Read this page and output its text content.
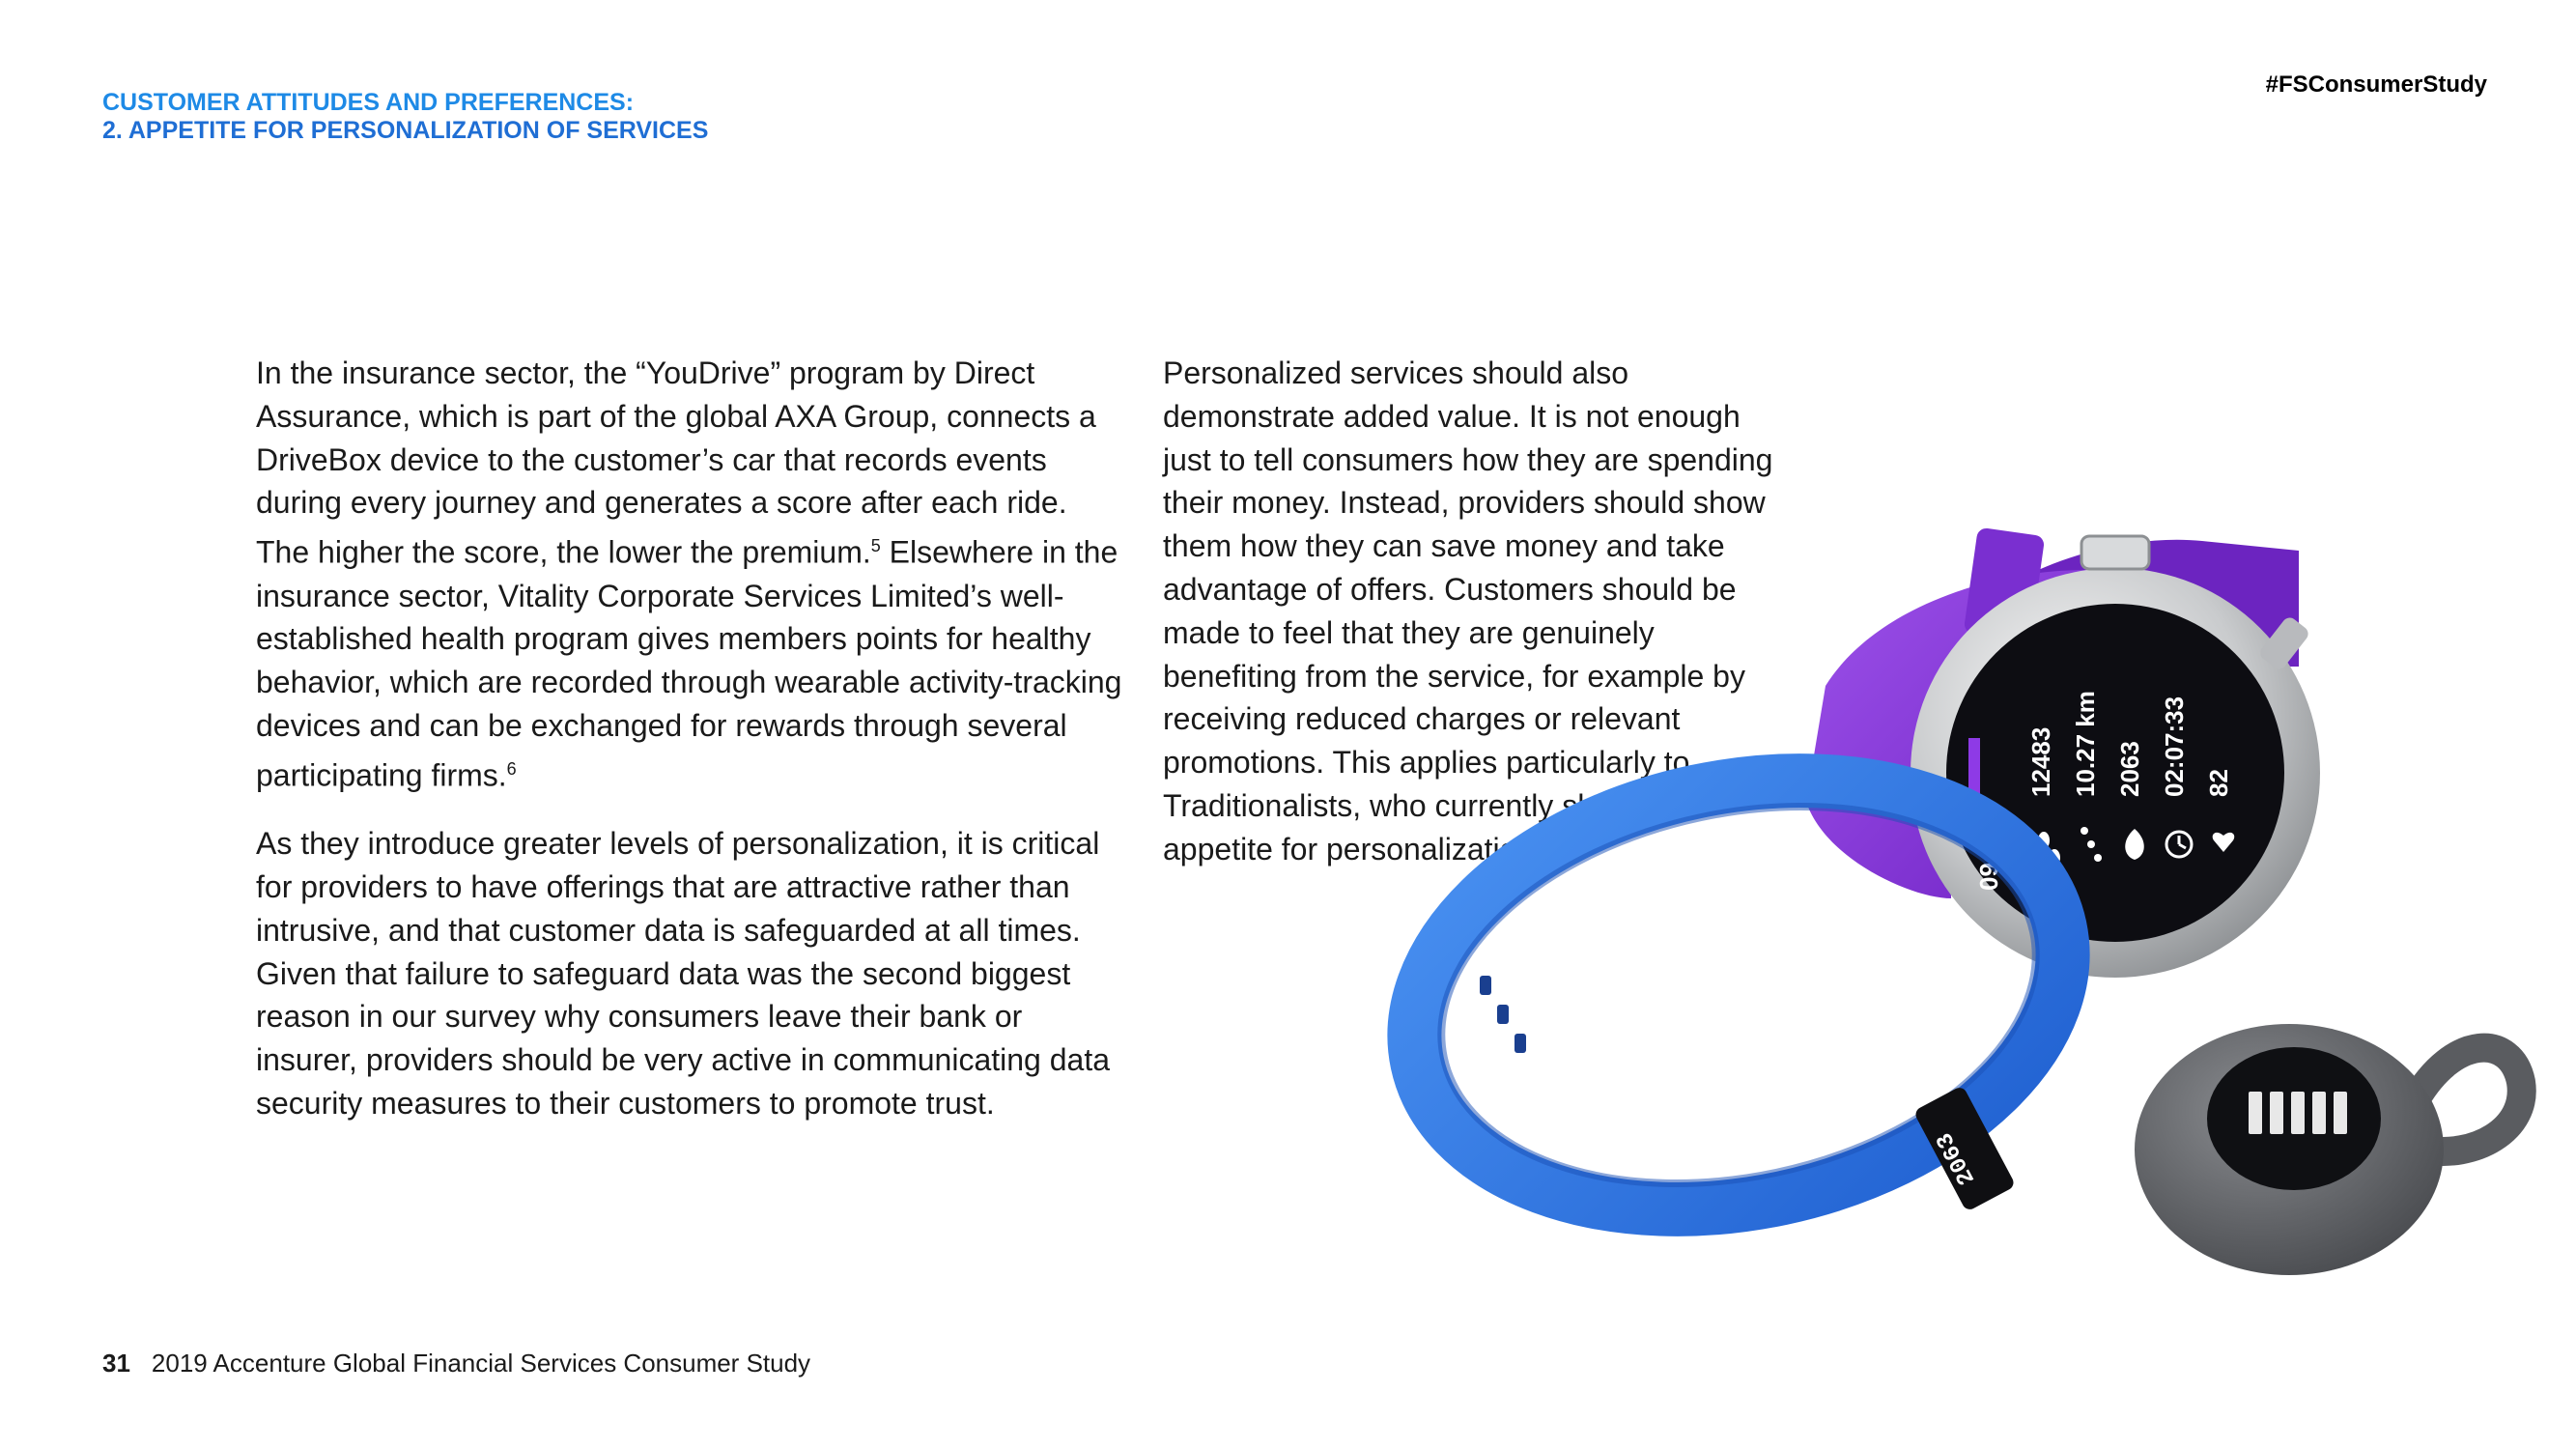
CUSTOMER ATTITUDES AND PREFERENCES:
2. APPETITE FOR PERSONALIZATION OF SERVICES
#FSConsumerStudy

In the insurance sector, the “YouDrive” program by Direct Assurance, which is part of the global AXA Group, connects a DriveBox device to the customer’s car that records events during every journey and generates a score after each ride. The higher the score, the lower the premium.$^5$ Elsewhere in the insurance sector, Vitality Corporate Services Limited’s well-established health program gives members points for healthy behavior, which are recorded through wearable activity-tracking devices and can be exchanged for rewards through several participating firms.$^6$

As they introduce greater levels of personalization, it is critical for providers to have offerings that are attractive rather than intrusive, and that customer data is safeguarded at all times. Given that failure to safeguard data was the second biggest reason in our survey why consumers leave their bank or insurer, providers should be very active in communicating data security measures to their customers to promote trust.

Personalized services should also demonstrate added value. It is not enough just to tell consumers how they are spending their money. Instead, providers should show them how they can save money and take advantage of offers. Customers should be made to feel that they are genuinely benefiting from the service, for example by receiving reduced charges or relevant promotions. This applies particularly to Traditionalists, who currently show little appetite for personalization.	09:57
12483 10.27 km 2063 02:07:33 82
2063
31 2019 Accenture Global Financial Services Consumer Study
